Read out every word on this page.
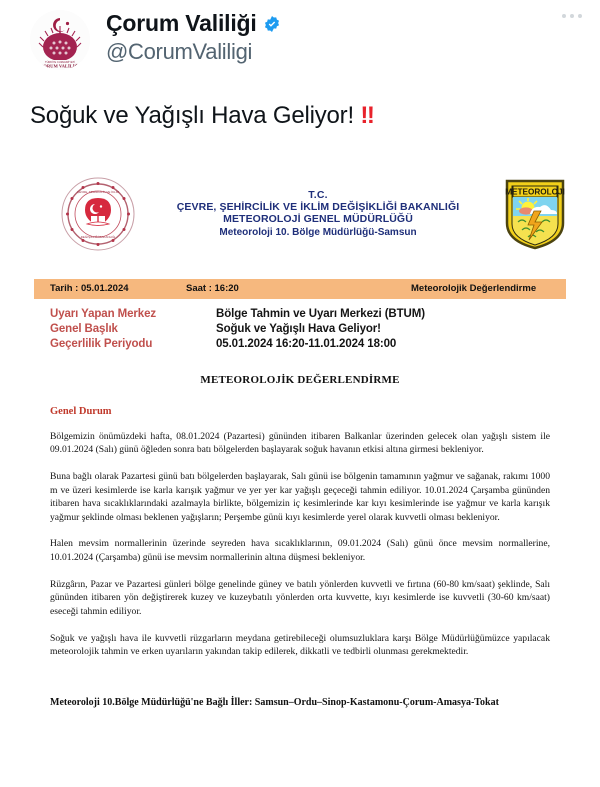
TÜRKİYE CUMHURİYETİ
ÇORUM VALİLİĞİ
Çorum Valiliği
@CorumValiligi
Soğuk ve Yağışlı Hava Geliyor! ‼
ÇEVRE, ŞEHİRCİLİK VE İKLİM
DEĞİŞİKLİĞİ BAKANLIĞI
T.C.
ÇEVRE, ŞEHİRCİLİK VE İKLİM DEĞİŞİKLİĞİ BAKANLIĞI
METEOROLOJİ GENEL MÜDÜRLÜĞÜ
Meteoroloji 10. Bölge Müdürlüğü-Samsun
METEOROLOJI
Tarih : 05.01.2024	Saat : 16:20	Meteorolojik Değerlendirme
Uyarı Yapan Merkez	Bölge Tahmin ve Uyarı Merkezi (BTUM)
Genel Başlık	Soğuk ve Yağışlı Hava Geliyor!
Geçerlilik Periyodu	05.01.2024 16:20-11.01.2024 18:00
METEOROLOJİK DEĞERLENDİRME
Genel Durum

Bölgemizin önümüzdeki hafta, 08.01.2024 (Pazartesi) gününden itibaren Balkanlar üzerinden gelecek olan yağışlı sistem ile 09.01.2024 (Salı) günü öğleden sonra batı bölgelerden başlayarak soğuk havanın etkisi altına girmesi bekleniyor.

Buna bağlı olarak Pazartesi günü batı bölgelerden başlayarak, Salı günü ise bölgenin tamamının yağmur ve sağanak, rakımı 1000 m ve üzeri kesimlerde ise karla karışık yağmur ve yer yer kar yağışlı geçeceği tahmin ediliyor. 10.01.2024 Çarşamba gününden itibaren hava sıcaklıklarındaki azalmayla birlikte, bölgemizin iç kesimlerinde kar kıyı kesimlerinde ise yağmur ve karla karışık yağmur şeklinde olması beklenen yağışların; Perşembe günü kıyı kesimlerde yerel olarak kuvvetli olması bekleniyor.

Halen mevsim normallerinin üzerinde seyreden hava sıcaklıklarının, 09.01.2024 (Salı) günü önce mevsim normallerine, 10.01.2024 (Çarşamba) günü ise mevsim normallerinin altına düşmesi bekleniyor.

Rüzgârın, Pazar ve Pazartesi günleri bölge genelinde güney ve batılı yönlerden kuvvetli ve fırtına (60-80 km/saat) şeklinde, Salı gününden itibaren yön değiştirerek kuzey ve kuzeybatılı yönlerden orta kuvvette, kıyı kesimlerde ise kuvvetli (30-60 km/saat) eseceği tahmin ediliyor.

Soğuk ve yağışlı hava ile kuvvetli rüzgarların meydana getirebileceği olumsuzluklara karşı Bölge Müdürlüğümüzce yapılacak meteorolojik tahmin ve erken uyarıların yakından takip edilerek, dikkatli ve tedbirli olunması gerekmektedir.

Meteoroloji 10.Bölge Müdürlüğü'ne Bağlı İller: Samsun–Ordu–Sinop-Kastamonu-Çorum-Amasya-Tokat
